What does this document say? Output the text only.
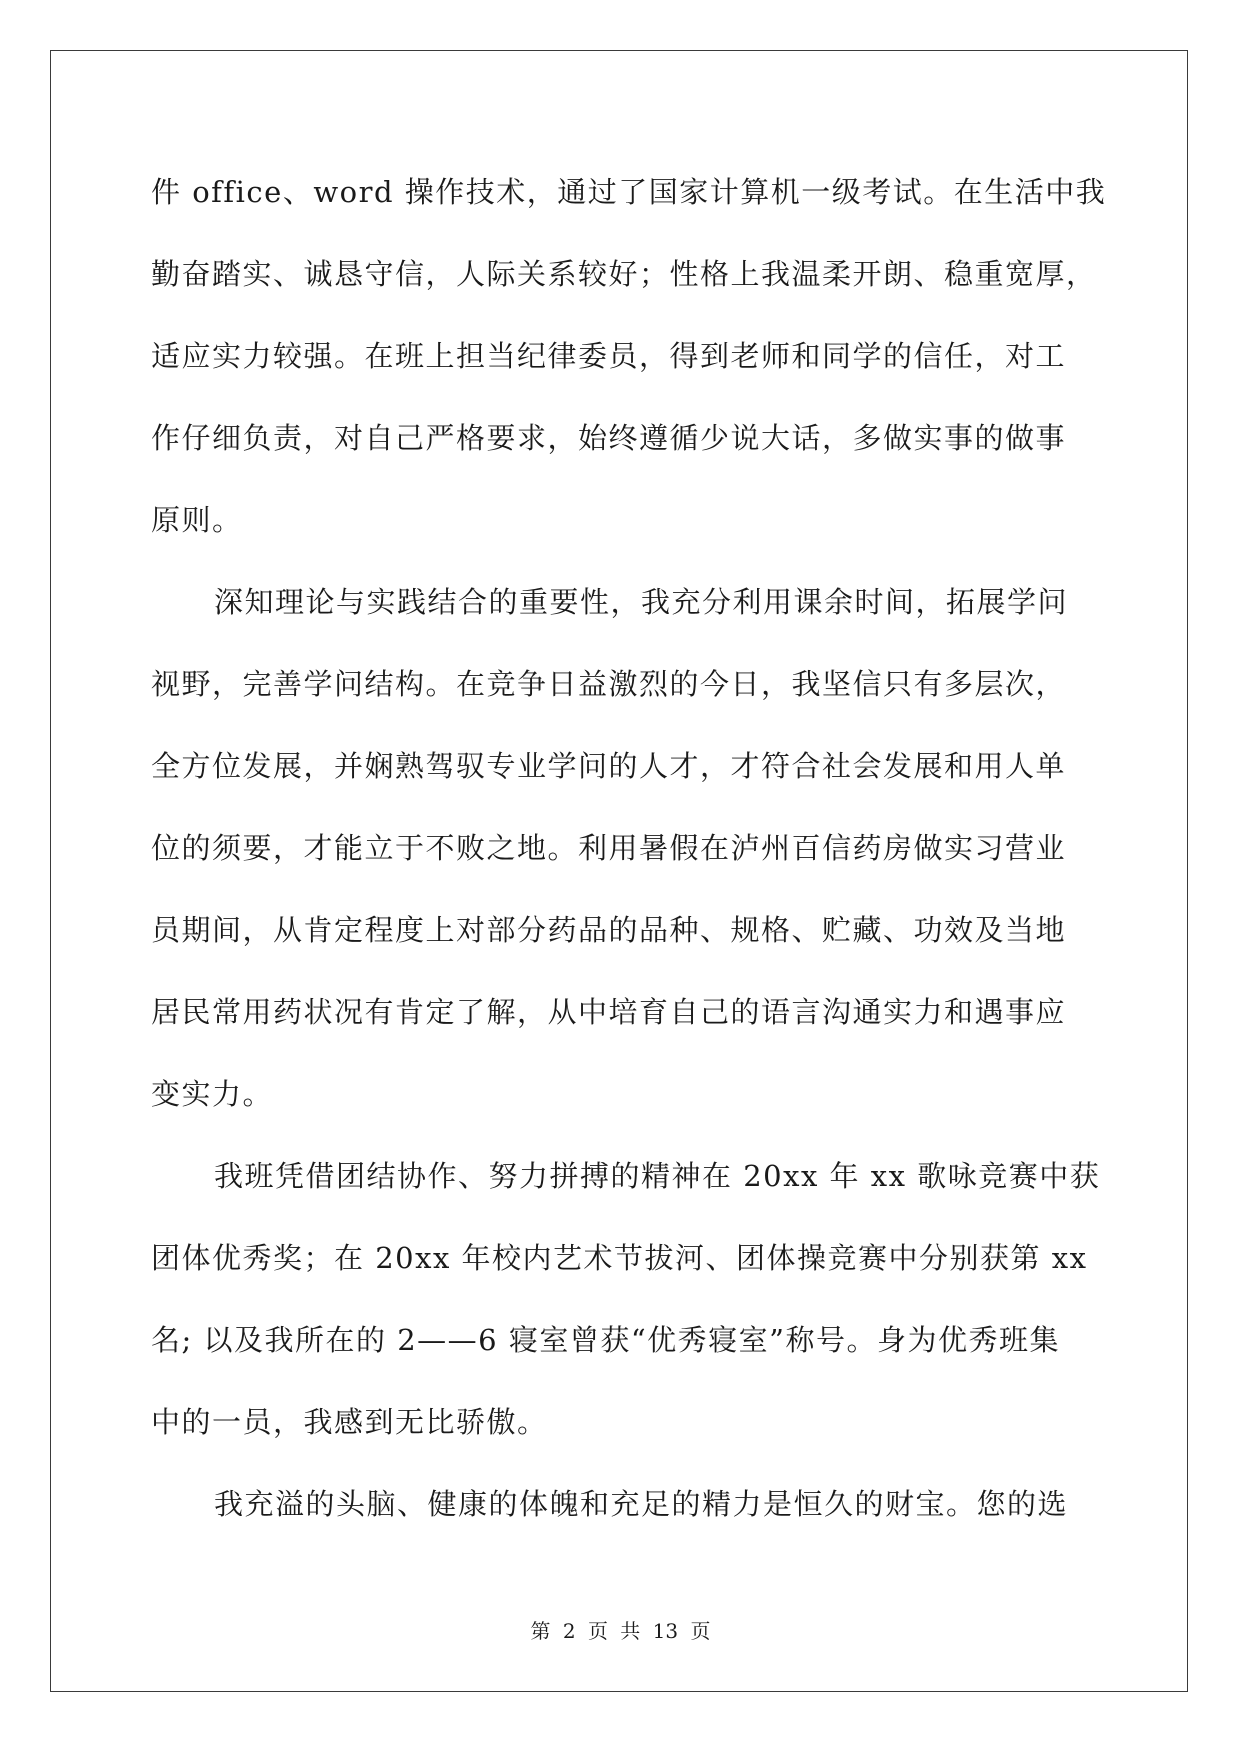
件 office、word 操作技术，通过了国家计算机一级考试。在生活中我
勤奋踏实、诚恳守信，人际关系较好；性格上我温柔开朗、稳重宽厚，
适应实力较强。在班上担当纪律委员，得到老师和同学的信任，对工
作仔细负责，对自己严格要求，始终遵循少说大话，多做实事的做事
原则。
深知理论与实践结合的重要性，我充分利用课余时间，拓展学问
视野，完善学问结构。在竞争日益激烈的今日，我坚信只有多层次，
全方位发展，并娴熟驾驭专业学问的人才，才符合社会发展和用人单
位的须要，才能立于不败之地。利用暑假在泸州百信药房做实习营业
员期间，从肯定程度上对部分药品的品种、规格、贮藏、功效及当地
居民常用药状况有肯定了解，从中培育自己的语言沟通实力和遇事应
变实力。
我班凭借团结协作、努力拼搏的精神在 20xx 年 xx 歌咏竞赛中获
团体优秀奖；在 20xx 年校内艺术节拔河、团体操竞赛中分别获第 xx
名; 以及我所在的 2——6 寝室曾获“优秀寝室”称号。身为优秀班集
中的一员，我感到无比骄傲。
我充溢的头脑、健康的体魄和充足的精力是恒久的财宝。您的选
第 2 页 共 13 页
